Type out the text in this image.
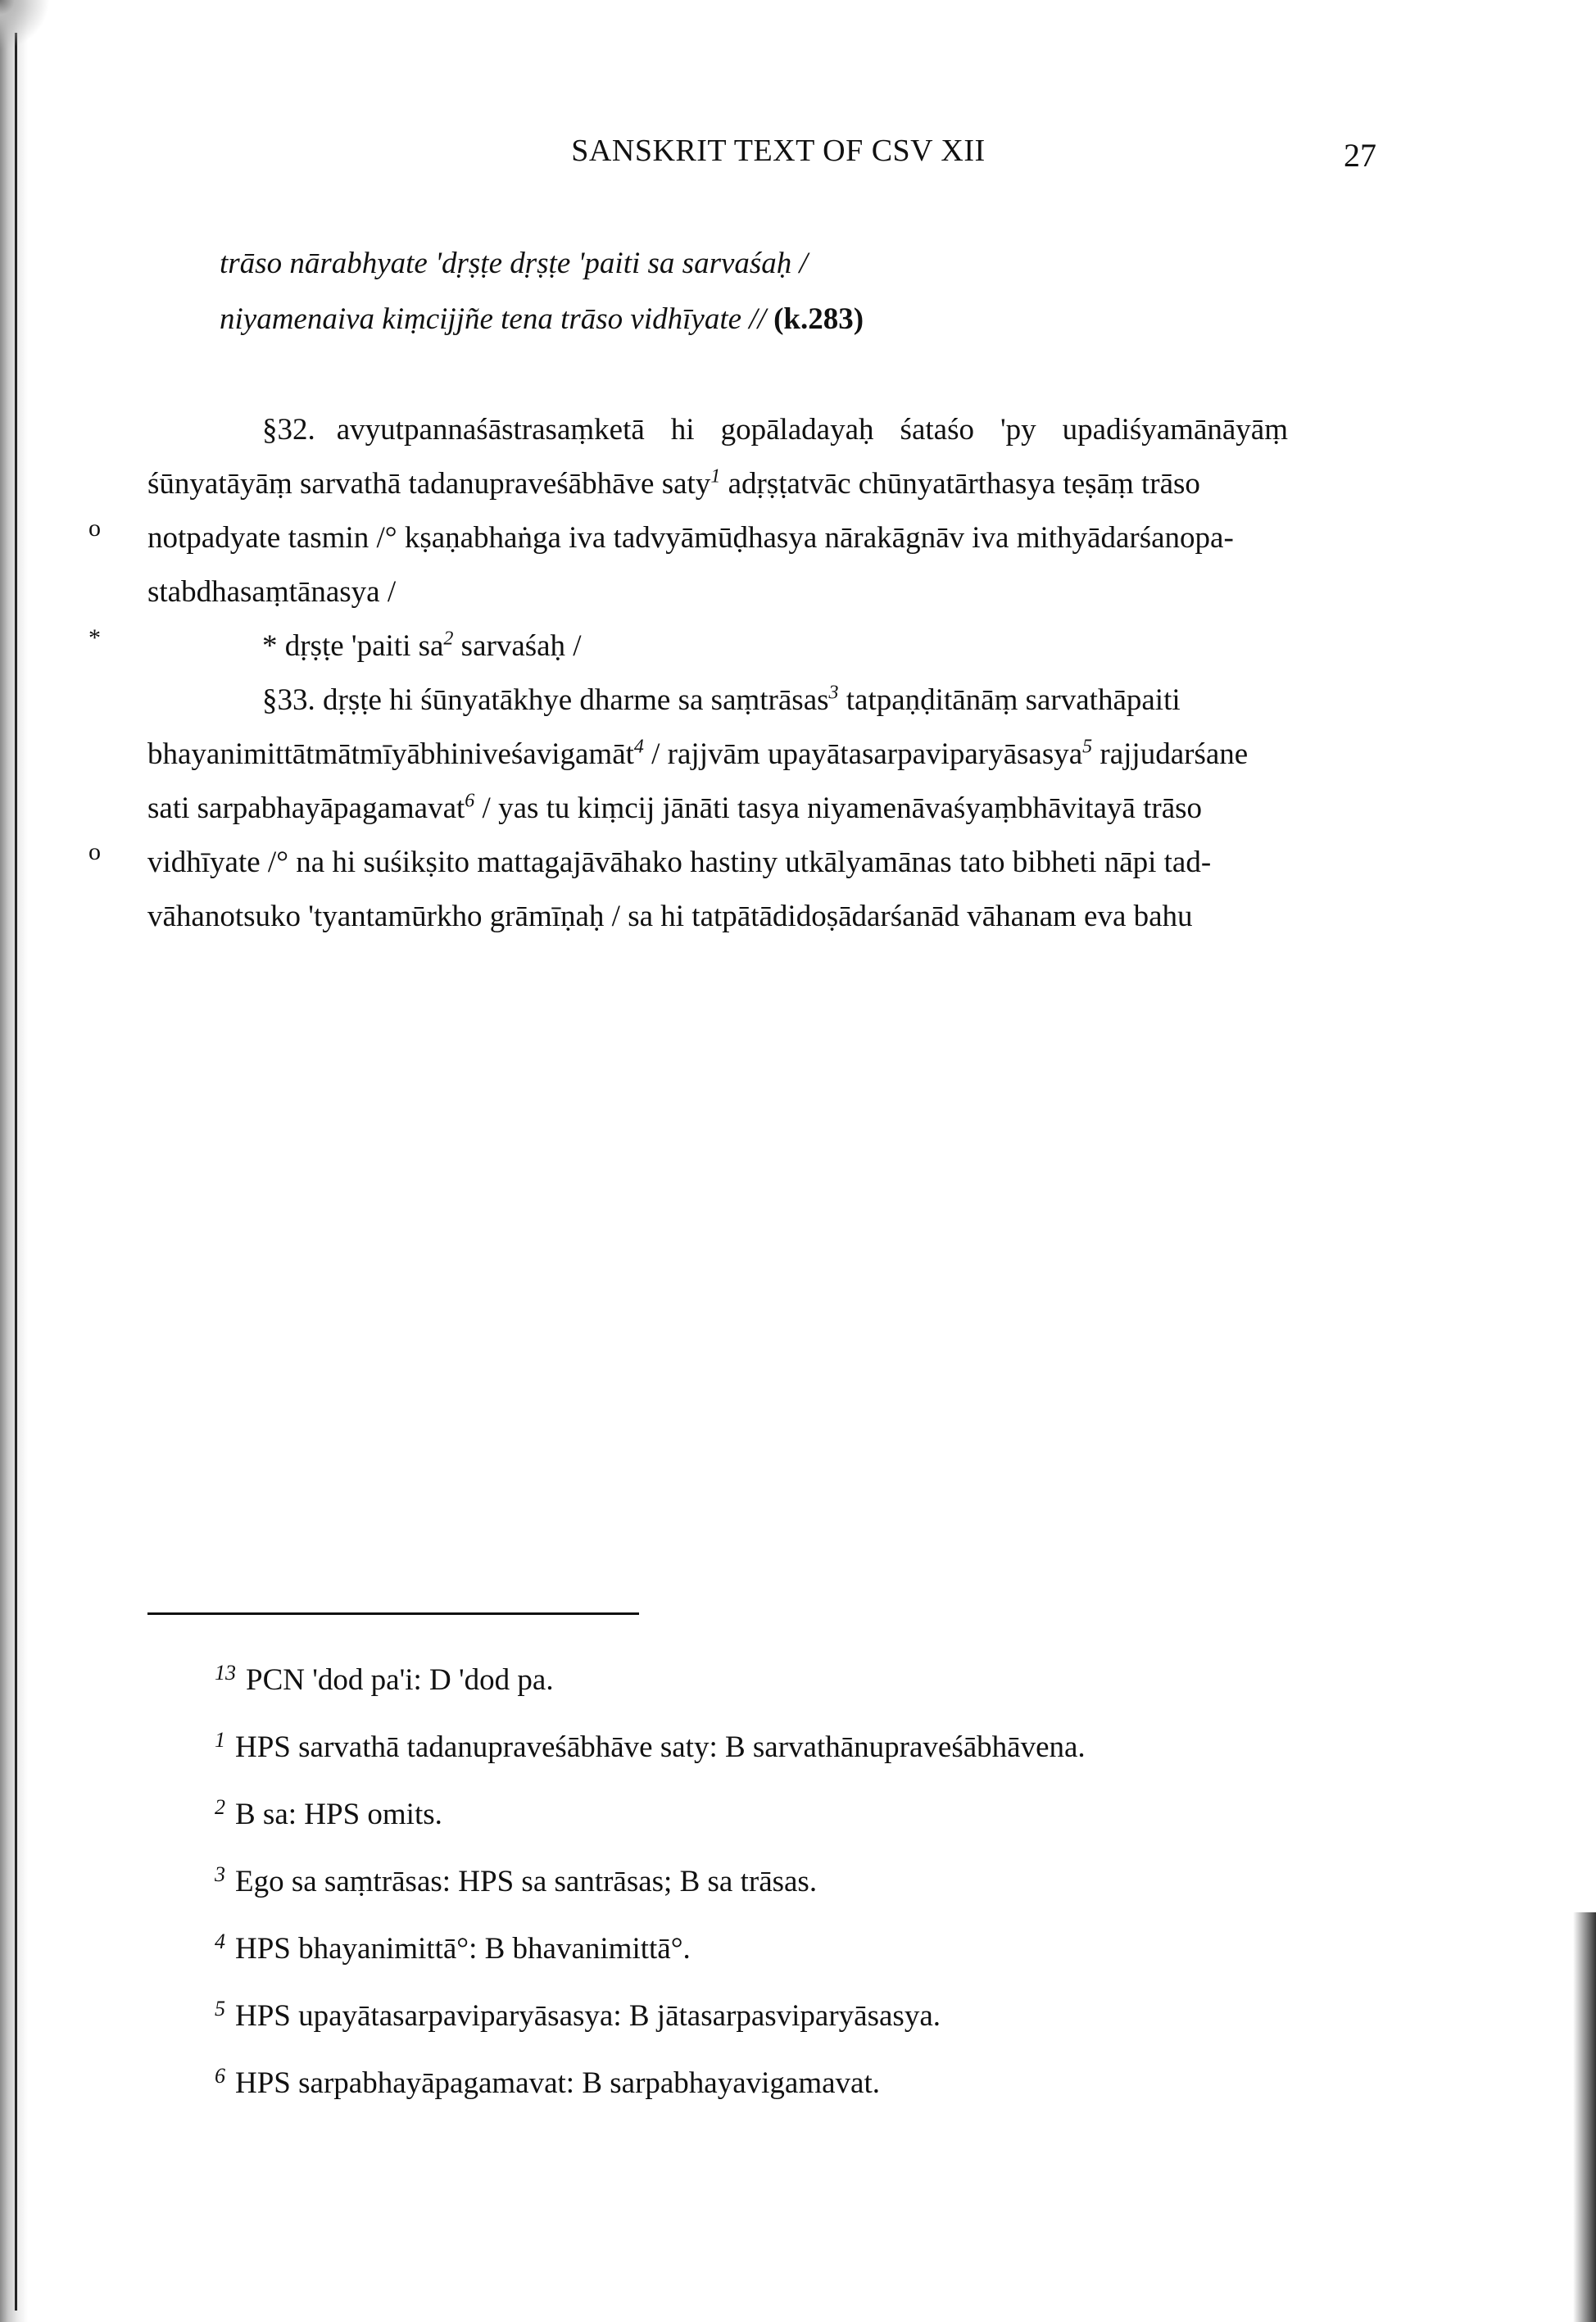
SANSKRIT TEXT OF CSV XII	27
trāso nārabhyate 'dṛṣṭe dṛṣṭe 'paiti sa sarvaśaḥ /
niyamenaiva kiṃcijjñe tena trāso vidhīyate // (k.283)
o
*
o
§32. avyutpannaśāstrasaṃketā hi gopāladayaḥ śataśo 'py upadiśyamānāyāṃ
śūnyatāyāṃ sarvathā tadanupraveśābhāve saty$^1$ adṛṣṭatvāc chūnyatārthasya teṣāṃ trāso
notpadyate tasmin /° kṣaṇabhaṅga iva tadvyāmūḍhasya nārakāgnāv iva mithyādarśanopa-
stabdhasaṃtānasya /
* dṛṣṭe 'paiti $sa^2$ sarvaśaḥ /
§33. dṛṣṭe hi śūnyatākhye dharme sa saṃtrāsas$^3$ tatpaṇḍitānāṃ sarvathāpaiti
bhayanimittātmātmīyābhiniveśavigamāt$^4$ / rajjvām upayātasarpaviparyāsasya$^5$ rajjudarśane
sati sarpabhayāpagamavat$^6$ / yas tu kiṃcij jānāti tasya niyamenāvaśyaṃbhāvitayā trāso
vidhīyate /° na hi suśikṣito mattagajāvāhako hastiny utkālyamānas tato bibheti nāpi tad-
vāhanotsuko 'tyantamūrkho grāmīṇaḥ / sa hi tatpātādidoṣādarśanād vāhanam eva bahu
$^{13}$ PCN 'dod pa'i: D 'dod pa.
$^1$ HPS sarvathā tadanupraveśābhāve saty: B sarvathānupraveśābhāvena.
$^2$ B sa: HPS omits.
$^3$ Ego sa saṃtrāsas: HPS sa santrāsas; B sa trāsas.
$^4$ HPS bhayanimittā°: B bhavanimittā°.
$^5$ HPS upayātasarpaviparyāsasya: B jātasarpasviparyāsasya.
$^6$ HPS sarpabhayāpagamavat: B sarpabhayavigamavat.
